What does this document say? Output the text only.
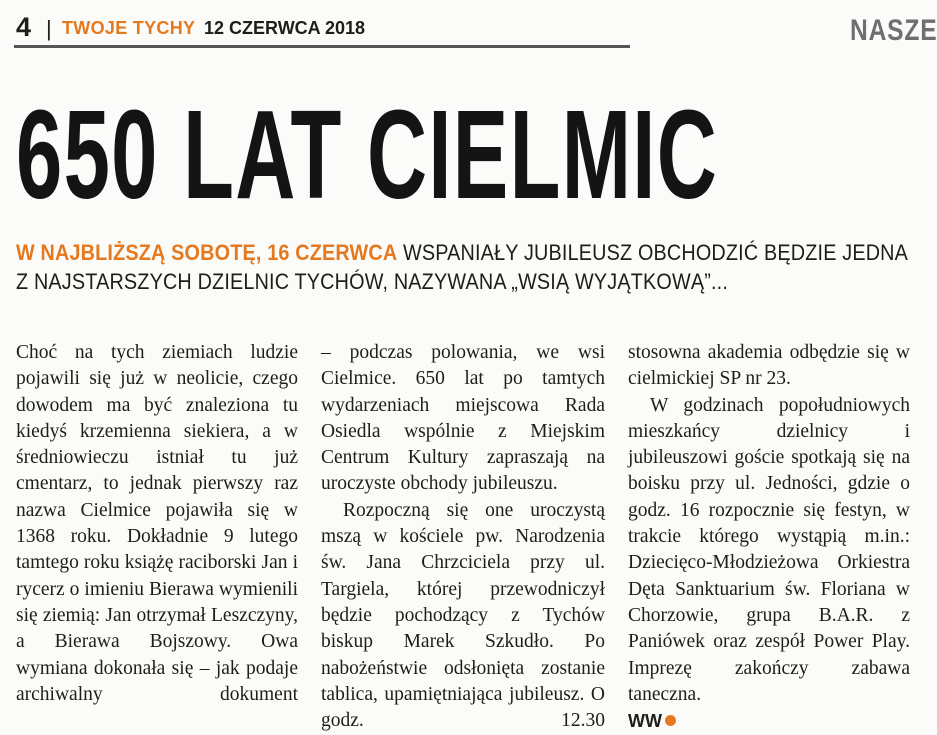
4 | TWOJE TYCHY 12 CZERWCA 2018	NASZE
650 LAT CIELMIC
W NAJBLIŻSZĄ SOBOTĘ, 16 CZERWCA WSPANIAŁY JUBILEUSZ OBCHODZIĆ BĘDZIE JEDNA
Z NAJSTARSZYCH DZIELNIC TYCHÓW, NAZYWANA „WSIĄ WYJĄTKOWĄ”...

Choć na tych ziemiach ludzie pojawili się już w neolicie, czego dowodem ma być znaleziona tu kiedyś krzemienna siekiera, a w średniowieczu istniał tu już cmentarz, to jednak pierwszy raz nazwa Cielmice pojawiła się w 1368 roku. Dokładnie 9 lutego tamtego roku książę raciborski Jan i rycerz o imieniu Bierawa wymienili się ziemią: Jan otrzymał Leszczyny, a Bierawa Bojszowy. Owa wymiana dokonała się – jak podaje archiwalny dokument

– podczas polowania, we wsi Cielmice. 650 lat po tamtych wydarzeniach miejscowa Rada Osiedla wspólnie z Miejskim Centrum Kultury zapraszają na uroczyste obchody jubileuszu.

Rozpoczną się one uroczystą mszą w kościele pw. Narodzenia św. Jana Chrzciciela przy ul. Targiela, której przewodniczył będzie pochodzący z Tychów biskup Marek Szkudło. Po nabożeństwie odsłonięta zostanie tablica, upamiętniająca jubileusz. O godz. 12.30

stosowna akademia odbędzie się w cielmickiej SP nr 23.

W godzinach popołudniowych mieszkańcy dzielnicy i jubileuszowi goście spotkają się na boisku przy ul. Jedności, gdzie o godz. 16 rozpocznie się festyn, w trakcie którego wystąpią m.in.: Dziecięco-Młodzieżowa Orkiestra Dęta Sanktuarium św. Floriana w Chorzowie, grupa B.A.R. z Paniówek oraz zespół Power Play. Imprezę zakończy zabawa taneczna.

WW
